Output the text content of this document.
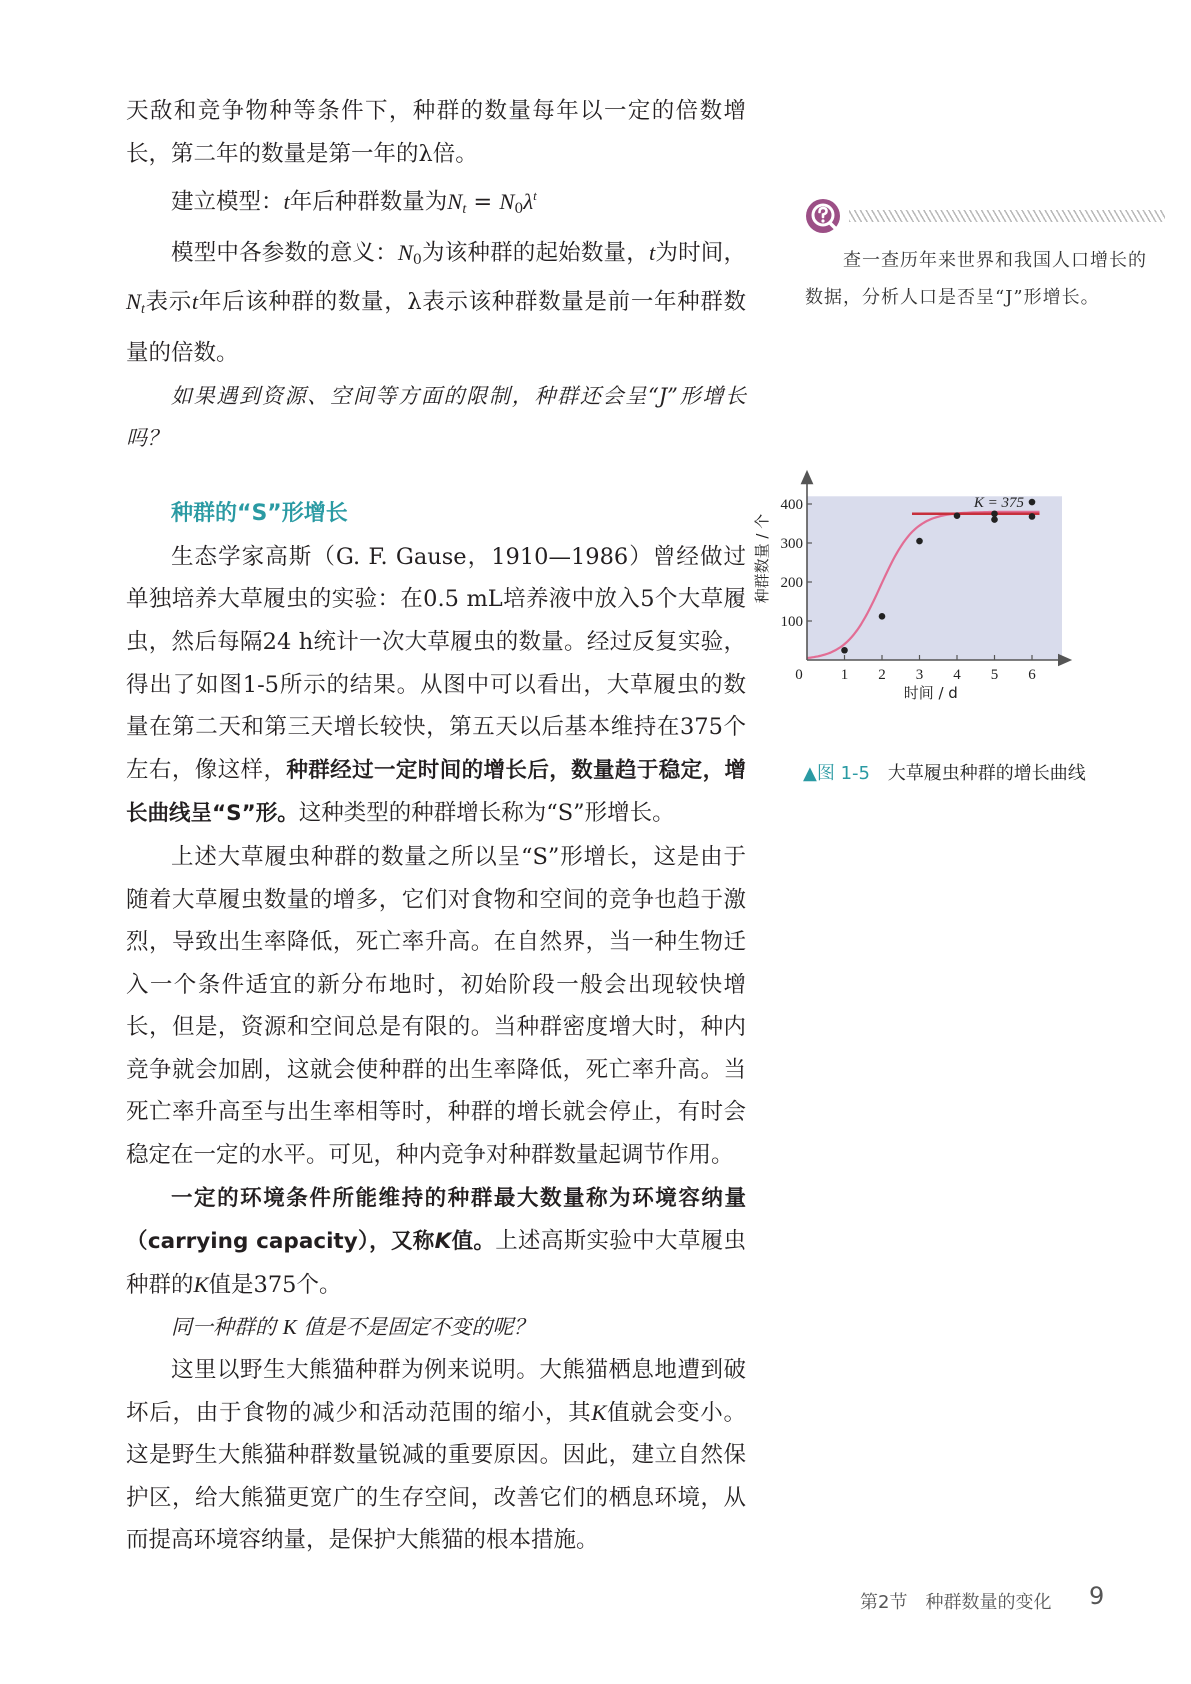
天敌和竞争物种等条件下，种群的数量每年以一定的倍数增长，第二年的数量是第一年的λ倍。

建立模型：t年后种群数量为$N_t = N_0\lambda^t$

模型中各参数的意义：$N_0$为该种群的起始数量，t为时间，$N_t$表示t年后该种群的数量，λ表示该种群数量是前一年种群数量的倍数。

如果遇到资源、空间等方面的限制，种群还会呈“J”形增长吗？

种群的“S”形增长

生态学家高斯（G. F. Gause，1910—1986）曾经做过单独培养大草履虫的实验：在0.5 mL培养液中放入5个大草履虫，然后每隔24 h统计一次大草履虫的数量。经过反复实验，得出了如图1-5所示的结果。从图中可以看出，大草履虫的数量在第二天和第三天增长较快，第五天以后基本维持在375个左右，像这样，种群经过一定时间的增长后，数量趋于稳定，增长曲线呈“S”形。这种类型的种群增长称为“S”形增长。

上述大草履虫种群的数量之所以呈“S”形增长，这是由于随着大草履虫数量的增多，它们对食物和空间的竞争也趋于激烈，导致出生率降低，死亡率升高。在自然界，当一种生物迁入一个条件适宜的新分布地时，初始阶段一般会出现较快增长，但是，资源和空间总是有限的。当种群密度增大时，种内竞争就会加剧，这就会使种群的出生率降低，死亡率升高。当死亡率升高至与出生率相等时，种群的增长就会停止，有时会稳定在一定的水平。可见，种内竞争对种群数量起调节作用。

一定的环境条件所能维持的种群最大数量称为环境容纳量（carrying capacity），又称K值。上述高斯实验中大草履虫种群的K值是375个。

同一种群的 K 值是不是固定不变的呢？

这里以野生大熊猫种群为例来说明。大熊猫栖息地遭到破坏后，由于食物的减少和活动范围的缩小，其K值就会变小。这是野生大熊猫种群数量锐减的重要原因。因此，建立自然保护区，给大熊猫更宽广的生存空间，改善它们的栖息环境，从而提高环境容纳量，是保护大熊猫的根本措施。

查一查历年来世界和我国人口增长的数据，分析人口是否呈“J”形增长。
0	1 2 3 4 5 6
100
200
300
400	K = 375
时间 / d
种群数量 / 个
▲图 1-5 大草履虫种群的增长曲线
第2节　种群数量的变化 9
